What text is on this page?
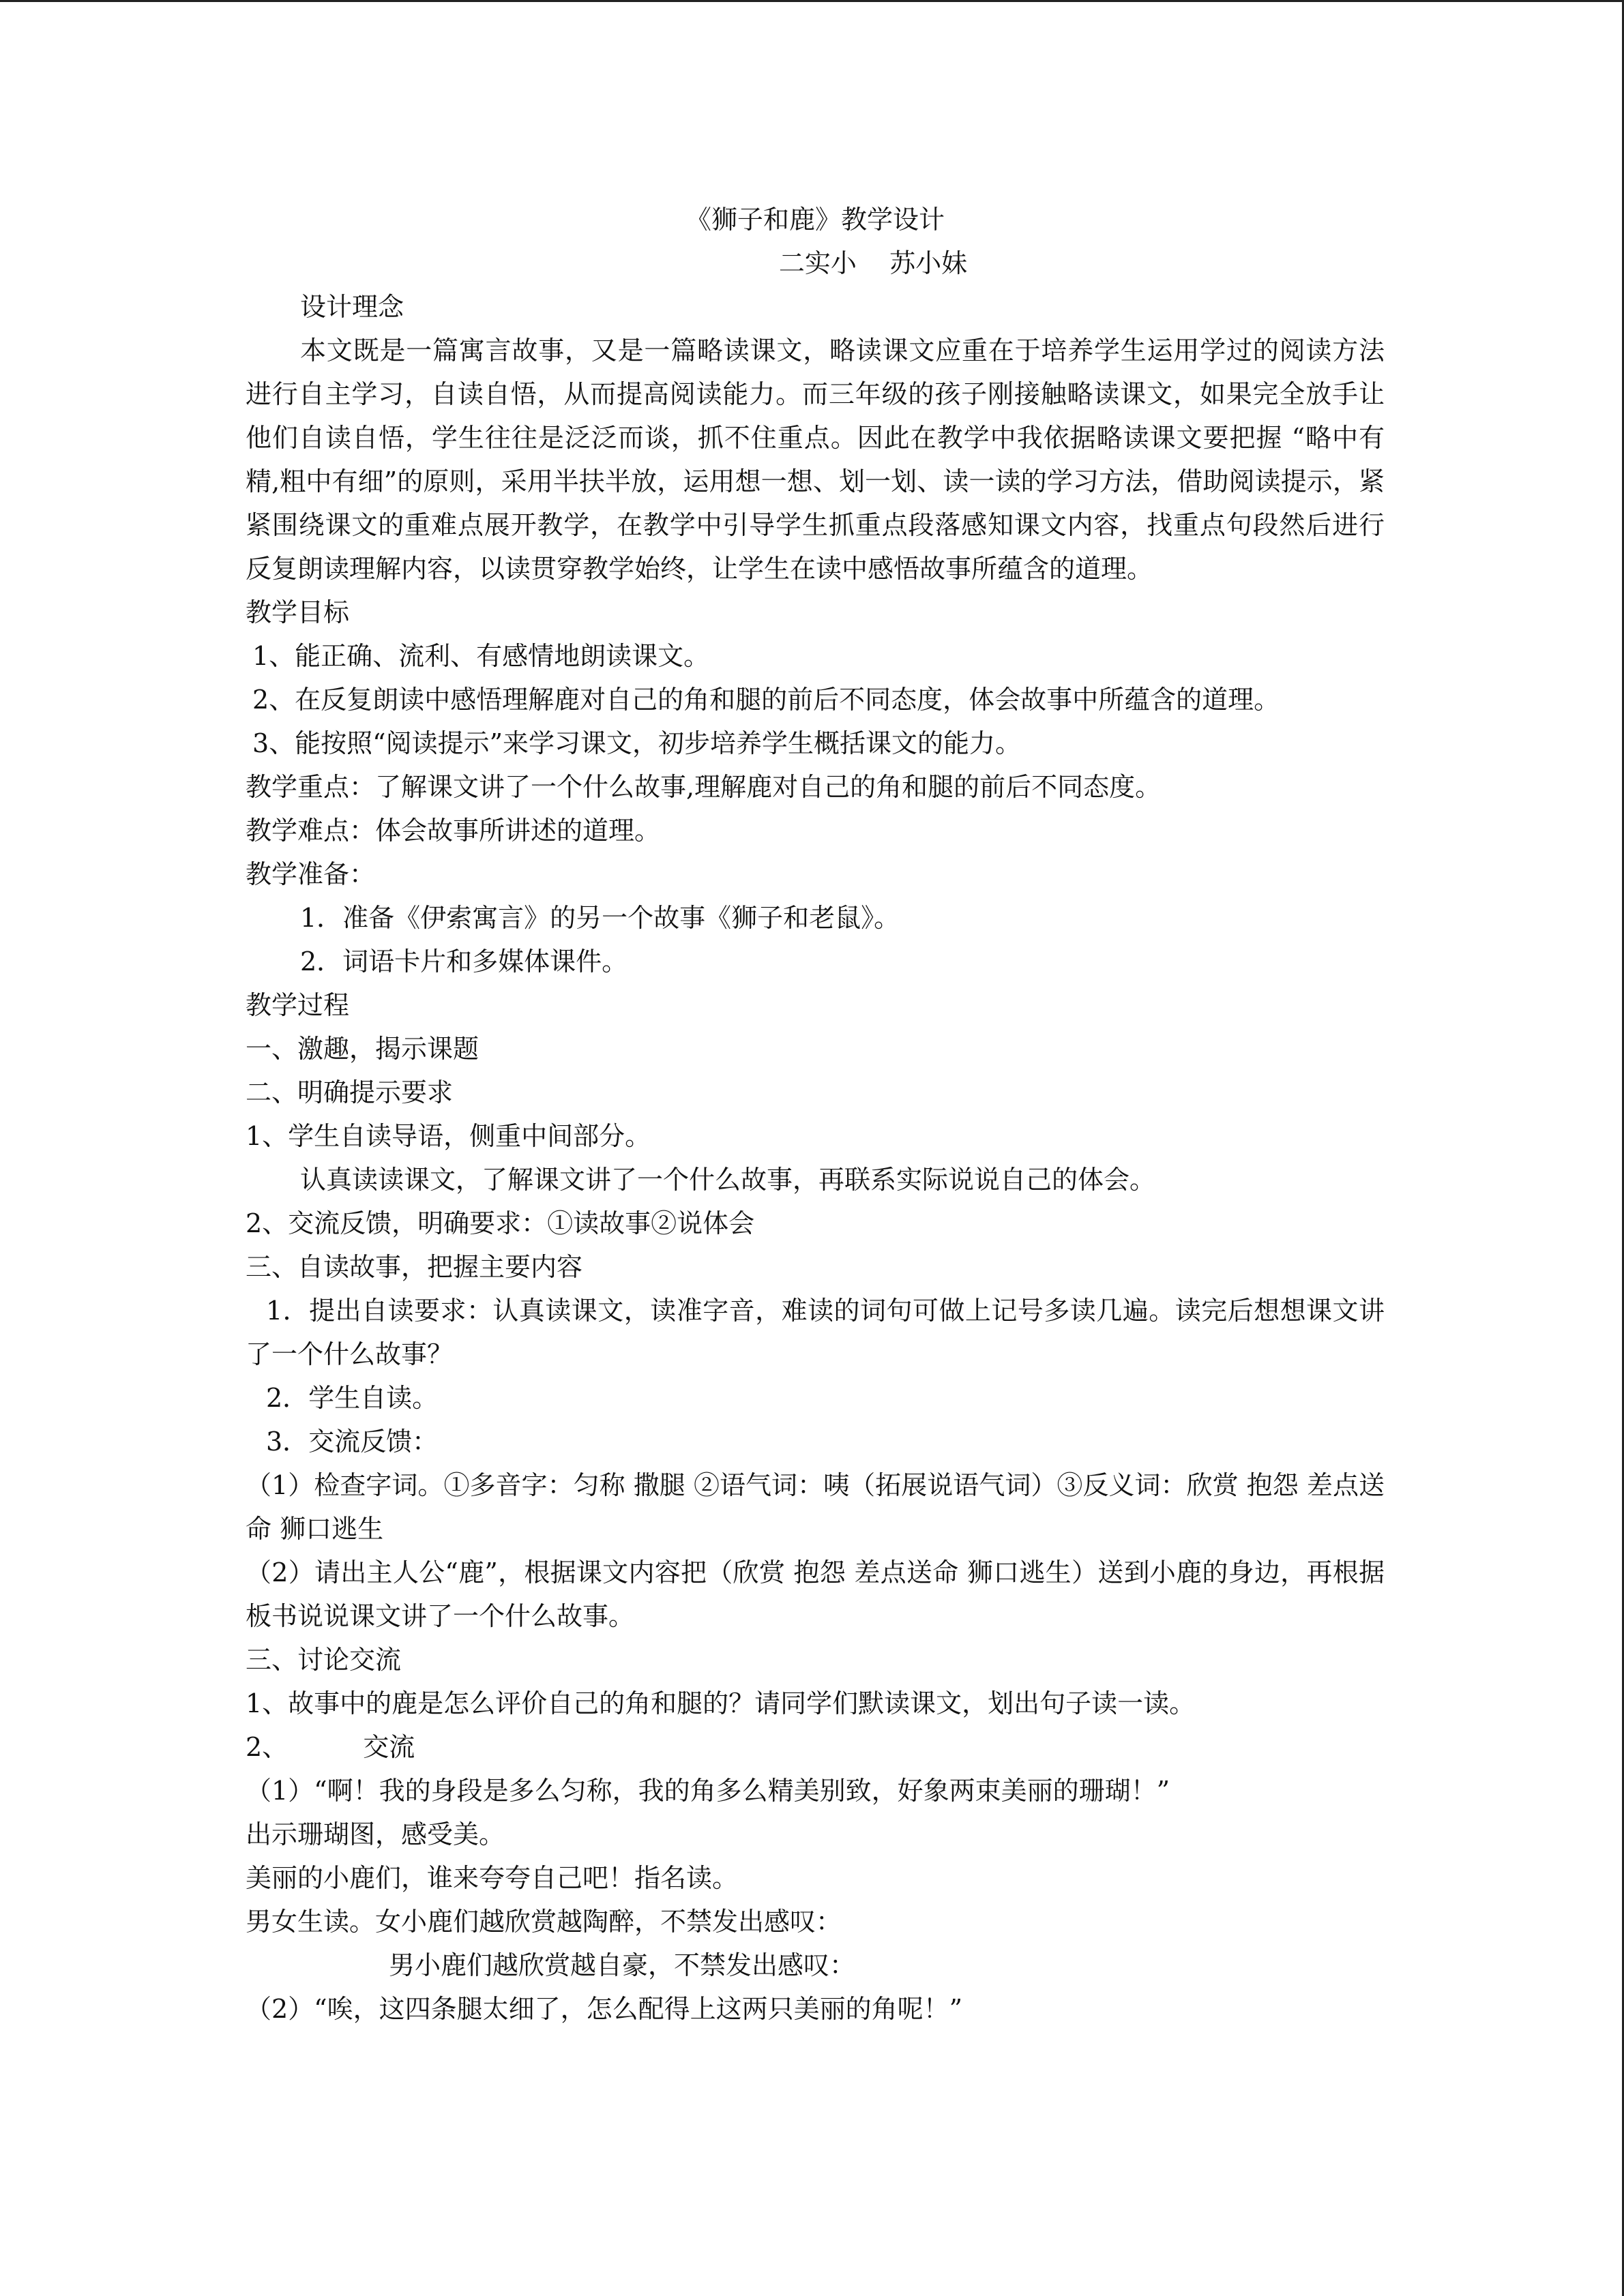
《狮子和鹿》教学设计
二实小    苏小妹
设计理念
本文既是一篇寓言故事，又是一篇略读课文，略读课文应重在于培养学生运用学过的阅读方法进行自主学习，自读自悟，从而提高阅读能力。而三年级的孩子刚接触略读课文，如果完全放手让他们自读自悟，学生往往是泛泛而谈，抓不住重点。因此在教学中我依据略读课文要把握 “略中有精,粗中有细”的原则，采用半扶半放，运用想一想、划一划、读一读的学习方法，借助阅读提示，紧紧围绕课文的重难点展开教学，在教学中引导学生抓重点段落感知课文内容，找重点句段然后进行反复朗读理解内容，以读贯穿教学始终，让学生在读中感悟故事所蕴含的道理。
教学目标
1、能正确、流利、有感情地朗读课文。
2、在反复朗读中感悟理解鹿对自己的角和腿的前后不同态度，体会故事中所蕴含的道理。
3、能按照“阅读提示”来学习课文，初步培养学生概括课文的能力。
教学重点：了解课文讲了一个什么故事,理解鹿对自己的角和腿的前后不同态度。
教学难点：体会故事所讲述的道理。
教学准备：
1．准备《伊索寓言》的另一个故事《狮子和老鼠》。
2．词语卡片和多媒体课件。
教学过程
一、激趣，揭示课题
二、明确提示要求
1、学生自读导语，侧重中间部分。
认真读读课文，了解课文讲了一个什么故事，再联系实际说说自己的体会。
2、交流反馈，明确要求：①读故事②说体会
三、自读故事，把握主要内容
1．提出自读要求：认真读课文，读准字音，难读的词句可做上记号多读几遍。读完后想想课文讲了一个什么故事？
2．学生自读。
3．交流反馈：
（1）检查字词。①多音字：匀称 撒腿 ②语气词：咦（拓展说语气词）③反义词：欣赏 抱怨 差点送命 狮口逃生
（2）请出主人公“鹿”，根据课文内容把（欣赏 抱怨 差点送命 狮口逃生）送到小鹿的身边，再根据板书说说课文讲了一个什么故事。
三、讨论交流
1、故事中的鹿是怎么评价自己的角和腿的？请同学们默读课文，划出句子读一读。
2、	交流
（1）“啊！我的身段是多么匀称，我的角多么精美别致，好象两束美丽的珊瑚！”
出示珊瑚图，感受美。
美丽的小鹿们，谁来夸夸自己吧！指名读。
男女生读。女小鹿们越欣赏越陶醉，不禁发出感叹：
男小鹿们越欣赏越自豪，不禁发出感叹：
（2）“唉，这四条腿太细了，怎么配得上这两只美丽的角呢！”
